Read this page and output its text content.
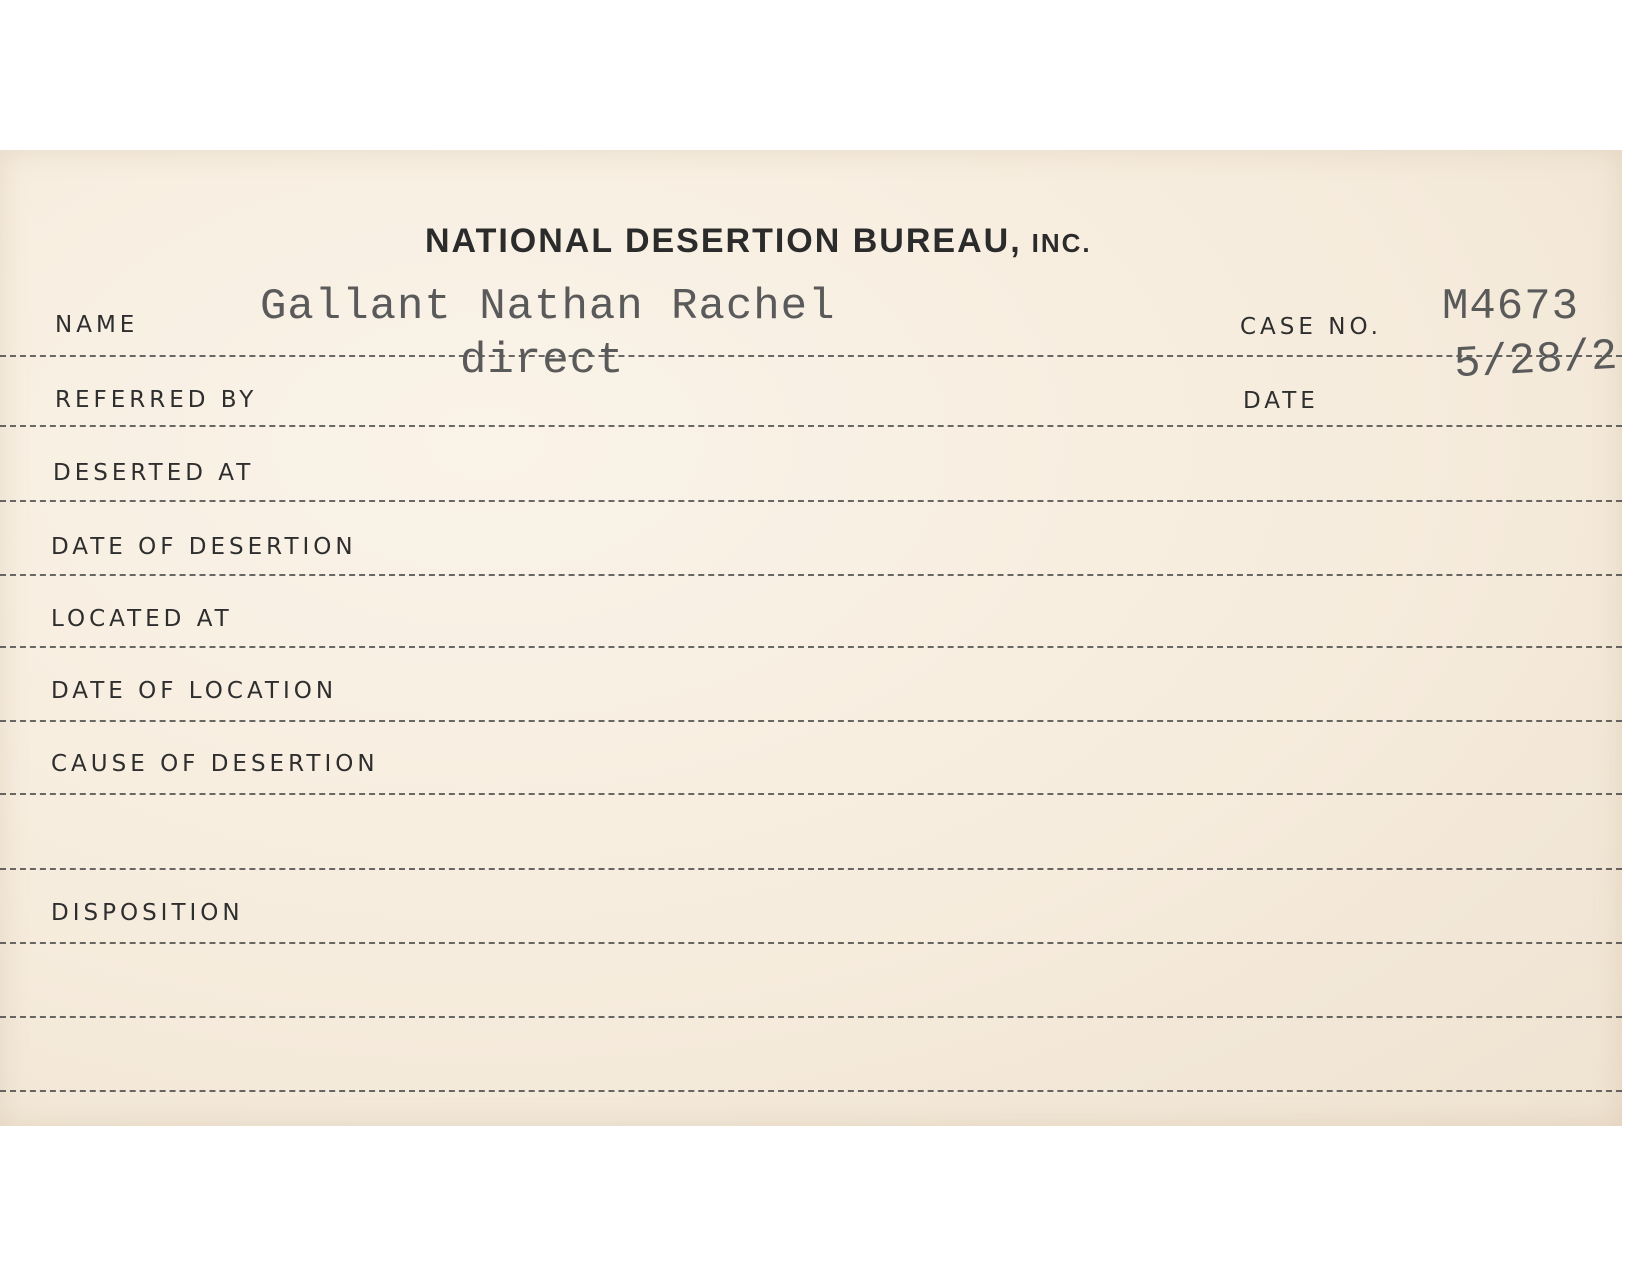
NATIONAL DESERTION BUREAU, INC.
NAME	Gallant Nathan Rachel	CASE NO. M4673
direct
REFERRED BY
5/28/2
DATE
DESERTED AT
DATE OF DESERTION
LOCATED AT
DATE OF LOCATION
CAUSE OF DESERTION
DISPOSITION
